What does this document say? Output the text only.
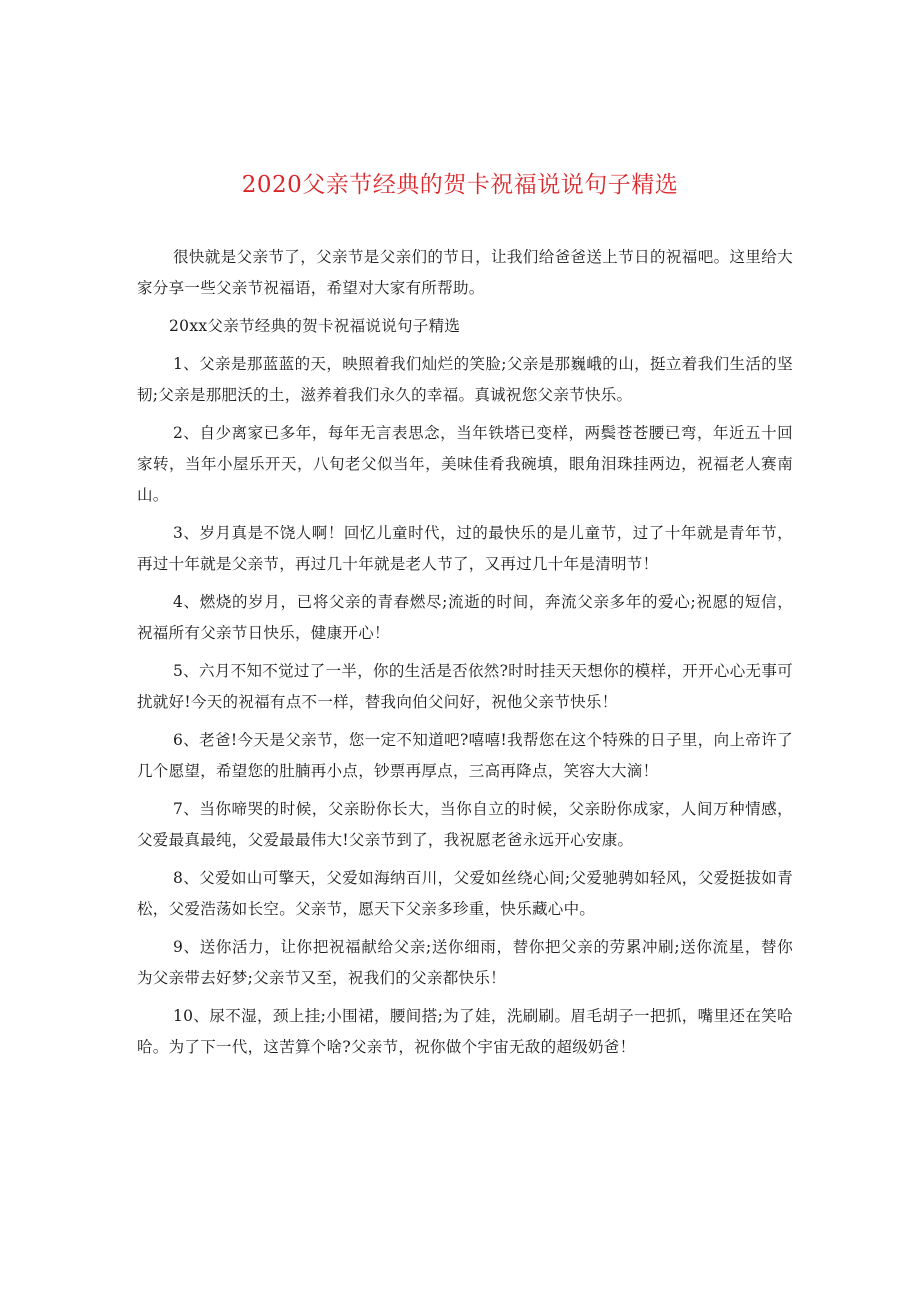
2020父亲节经典的贺卡祝福说说句子精选

很快就是父亲节了，父亲节是父亲们的节日，让我们给爸爸送上节日的祝福吧。这里给大家分享一些父亲节祝福语，希望对大家有所帮助。

20xx父亲节经典的贺卡祝福说说句子精选

1、父亲是那蓝蓝的天，映照着我们灿烂的笑脸;父亲是那巍峨的山，挺立着我们生活的坚韧;父亲是那肥沃的土，滋养着我们永久的幸福。真诚祝您父亲节快乐。

2、自少离家已多年，每年无言表思念，当年铁塔已变样，两鬓苍苍腰已弯，年近五十回家转，当年小屋乐开天，八旬老父似当年，美味佳肴我碗填，眼角泪珠挂两边，祝福老人赛南山。

3、岁月真是不饶人啊！回忆儿童时代，过的最快乐的是儿童节，过了十年就是青年节，再过十年就是父亲节，再过几十年就是老人节了，又再过几十年是清明节！

4、燃烧的岁月，已将父亲的青春燃尽;流逝的时间，奔流父亲多年的爱心;祝愿的短信，祝福所有父亲节日快乐，健康开心！

5、六月不知不觉过了一半，你的生活是否依然?时时挂天天想你的模样，开开心心无事可扰就好!今天的祝福有点不一样，替我向伯父问好，祝他父亲节快乐！

6、老爸!今天是父亲节，您一定不知道吧?嘻嘻!我帮您在这个特殊的日子里，向上帝许了几个愿望，希望您的肚腩再小点，钞票再厚点，三高再降点，笑容大大滴！

7、当你啼哭的时候，父亲盼你长大，当你自立的时候，父亲盼你成家，人间万种情感，父爱最真最纯，父爱最最伟大!父亲节到了，我祝愿老爸永远开心安康。

8、父爱如山可擎天，父爱如海纳百川，父爱如丝绕心间;父爱驰骋如轻风，父爱挺拔如青松，父爱浩荡如长空。父亲节，愿天下父亲多珍重，快乐藏心中。

9、送你活力，让你把祝福献给父亲;送你细雨，替你把父亲的劳累冲刷;送你流星，替你为父亲带去好梦;父亲节又至，祝我们的父亲都快乐！

10、尿不湿，颈上挂;小围裙，腰间搭;为了娃，洗刷刷。眉毛胡子一把抓，嘴里还在笑哈哈。为了下一代，这苦算个啥?父亲节，祝你做个宇宙无敌的超级奶爸！
